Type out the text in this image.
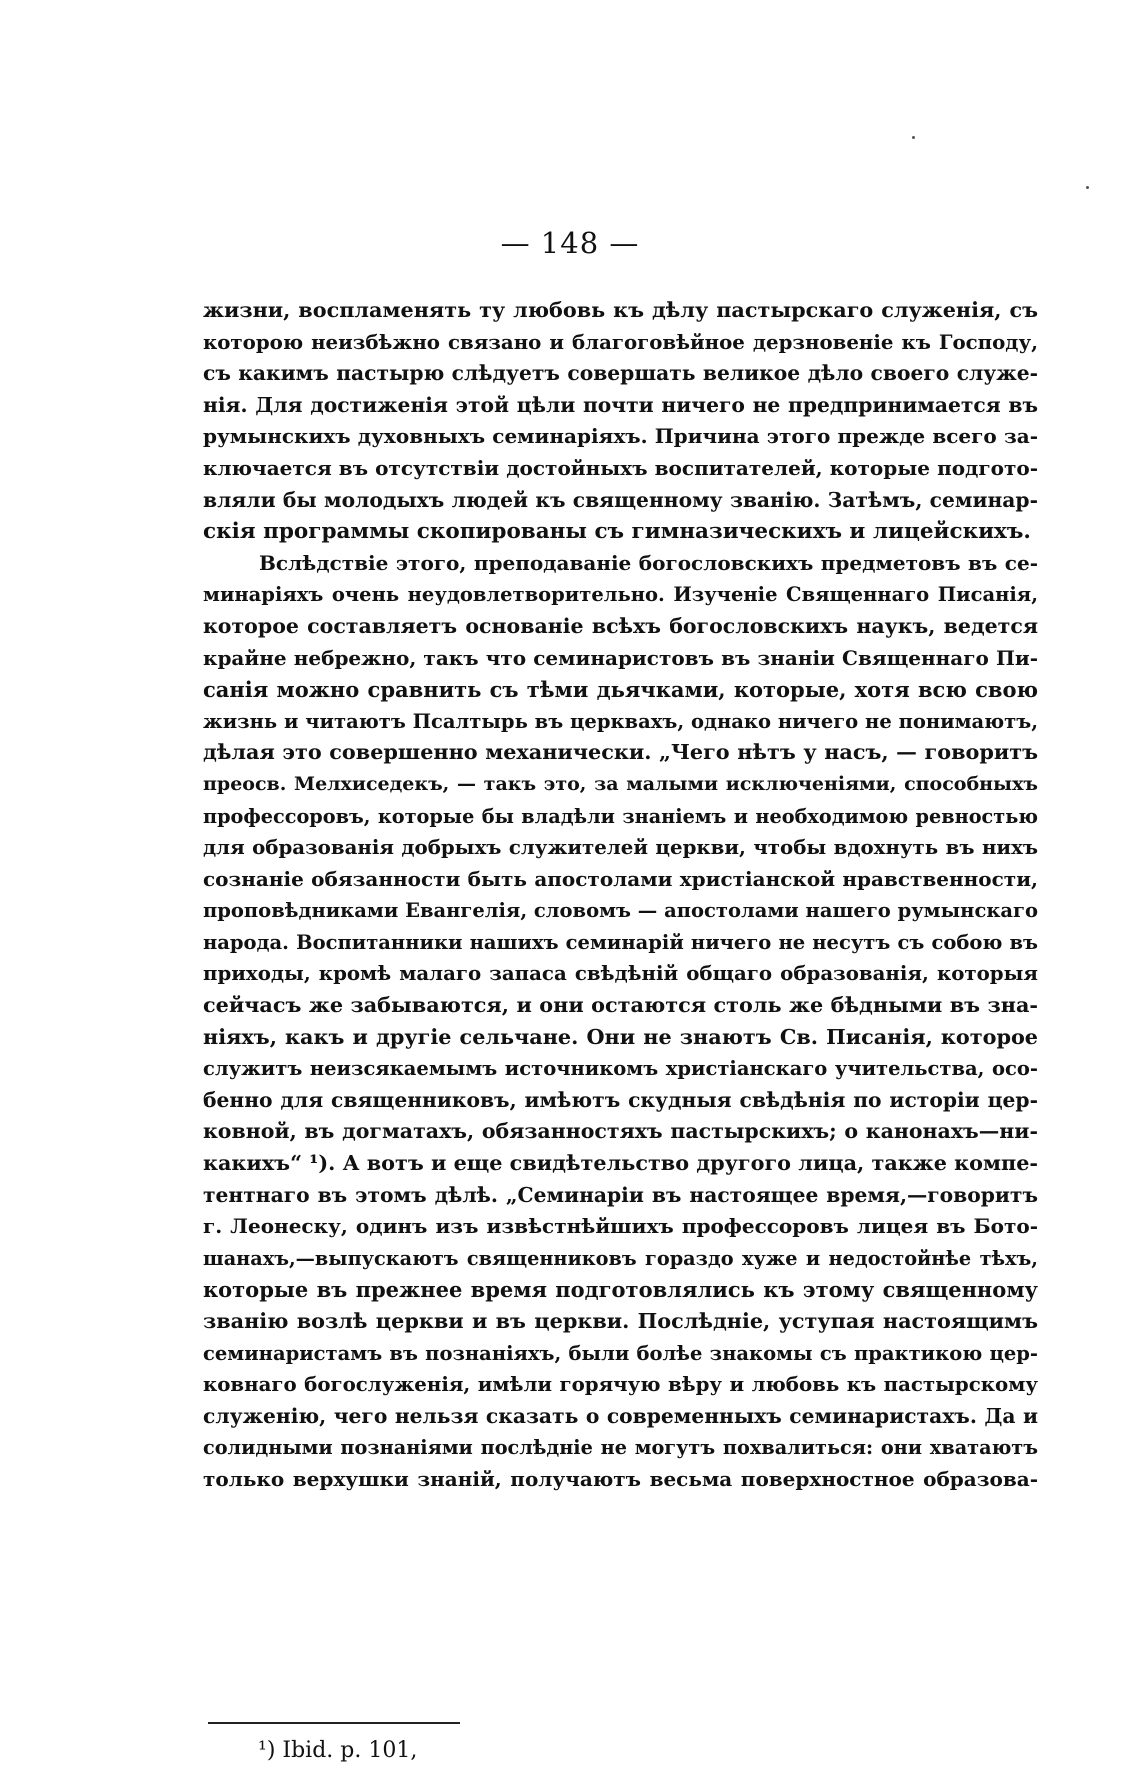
— 148 —
жизни, воспламенять ту любовь къ дѣлу пастырскаго служенія, съ
которою неизбѣжно связано и благоговѣйное дерзновеніе къ Господу,
съ какимъ пастырю слѣдуетъ совершать великое дѣло своего служе-
нія. Для достиженія этой цѣли почти ничего не предпринимается въ
румынскихъ духовныхъ семинаріяхъ. Причина этого прежде всего за-
ключается въ отсутствіи достойныхъ воспитателей, которые подгото-
вляли бы молодыхъ людей къ священному званію. Затѣмъ, семинар-
скія программы скопированы съ гимназическихъ и лицейскихъ.
Вслѣдствіе этого, преподаваніе богословскихъ предметовъ въ се-
минаріяхъ очень неудовлетворительно. Изученіе Священнаго Писанія,
которое составляетъ основаніе всѣхъ богословскихъ наукъ, ведется
крайне небрежно, такъ что семинаристовъ въ знаніи Священнаго Пи-
санія можно сравнить съ тѣми дьячками, которые, хотя всю свою
жизнь и читаютъ Псалтырь въ церквахъ, однако ничего не понимаютъ,
дѣлая это совершенно механически. „Чего нѣтъ у насъ, — говоритъ
преосв. Мелхиседекъ, — такъ это, за малыми исключеніями, способныхъ
профессоровъ, которые бы владѣли знаніемъ и необходимою ревностью
для образованія добрыхъ служителей церкви, чтобы вдохнуть въ нихъ
сознаніе обязанности быть апостолами христіанской нравственности,
проповѣдниками Евангелія, словомъ — апостолами нашего румынскаго
народа. Воспитанники нашихъ семинарій ничего не несутъ съ собою въ
приходы, кромѣ малаго запаса свѣдѣній общаго образованія, которыя
сейчасъ же забываются, и они остаются столь же бѣдными въ зна-
ніяхъ, какъ и другіе сельчане. Они не знаютъ Св. Писанія, которое
служитъ неизсякаемымъ источникомъ христіанскаго учительства, осо-
бенно для священниковъ, имѣютъ скудныя свѣдѣнія по исторіи цер-
ковной, въ догматахъ, обязанностяхъ пастырскихъ; о канонахъ—ни-
какихъ“ ¹). А вотъ и еще свидѣтельство другого лица, также компе-
тентнаго въ этомъ дѣлѣ. „Семинаріи въ настоящее время,—говоритъ
г. Леонеску, одинъ изъ извѣстнѣйшихъ профессоровъ лицея въ Бото-
шанахъ,—выпускаютъ священниковъ гораздо хуже и недостойнѣе тѣхъ,
которые въ прежнее время подготовлялись къ этому священному
званію возлѣ церкви и въ церкви. Послѣдніе, уступая настоящимъ
семинаристамъ въ познаніяхъ, были болѣе знакомы съ практикою цер-
ковнаго богослуженія, имѣли горячую вѣру и любовь къ пастырскому
служенію, чего нельзя сказать о современныхъ семинаристахъ. Да и
солидными познаніями послѣдніе не могутъ похвалиться: они хватаютъ
только верхушки знаній, получаютъ весьма поверхностное образова-
¹) Ibid. p. 101,
